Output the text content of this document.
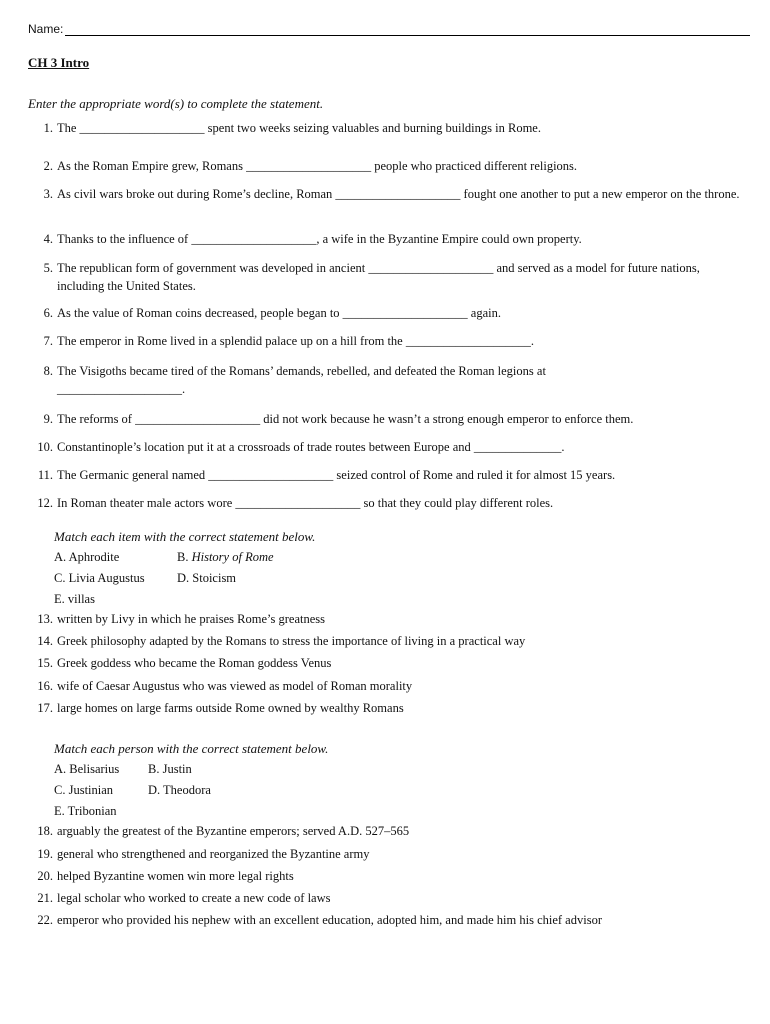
Name:
CH 3 Intro
Enter the appropriate word(s) to complete the statement.
1. The ____________________ spent two weeks seizing valuables and burning buildings in Rome.
2. As the Roman Empire grew, Romans ____________________ people who practiced different religions.
3. As civil wars broke out during Rome’s decline, Roman ____________________ fought one another to put a new emperor on the throne.
4. Thanks to the influence of ____________________, a wife in the Byzantine Empire could own property.
5. The republican form of government was developed in ancient ____________________ and served as a model for future nations, including the United States.
6. As the value of Roman coins decreased, people began to ____________________ again.
7. The emperor in Rome lived in a splendid palace up on a hill from the ____________________.
8. The Visigoths became tired of the Romans’ demands, rebelled, and defeated the Roman legions at ____________________.
9. The reforms of ____________________ did not work because he wasn’t a strong enough emperor to enforce them.
10. Constantinople’s location put it at a crossroads of trade routes between Europe and ______________.
11. The Germanic general named ____________________ seized control of Rome and ruled it for almost 15 years.
12. In Roman theater male actors wore ____________________ so that they could play different roles.
Match each item with the correct statement below.
A. Aphrodite	B. History of Rome
C. Livia Augustus	D. Stoicism
E. villas
13. written by Livy in which he praises Rome’s greatness
14. Greek philosophy adapted by the Romans to stress the importance of living in a practical way
15. Greek goddess who became the Roman goddess Venus
16. wife of Caesar Augustus who was viewed as model of Roman morality
17. large homes on large farms outside Rome owned by wealthy Romans
Match each person with the correct statement below.
A. Belisarius B. Justin
C. Justinian	D. Theodora
E. Tribonian
18. arguably the greatest of the Byzantine emperors; served A.D. 527–565
19. general who strengthened and reorganized the Byzantine army
20. helped Byzantine women win more legal rights
21. legal scholar who worked to create a new code of laws
22. emperor who provided his nephew with an excellent education, adopted him, and made him his chief advisor
